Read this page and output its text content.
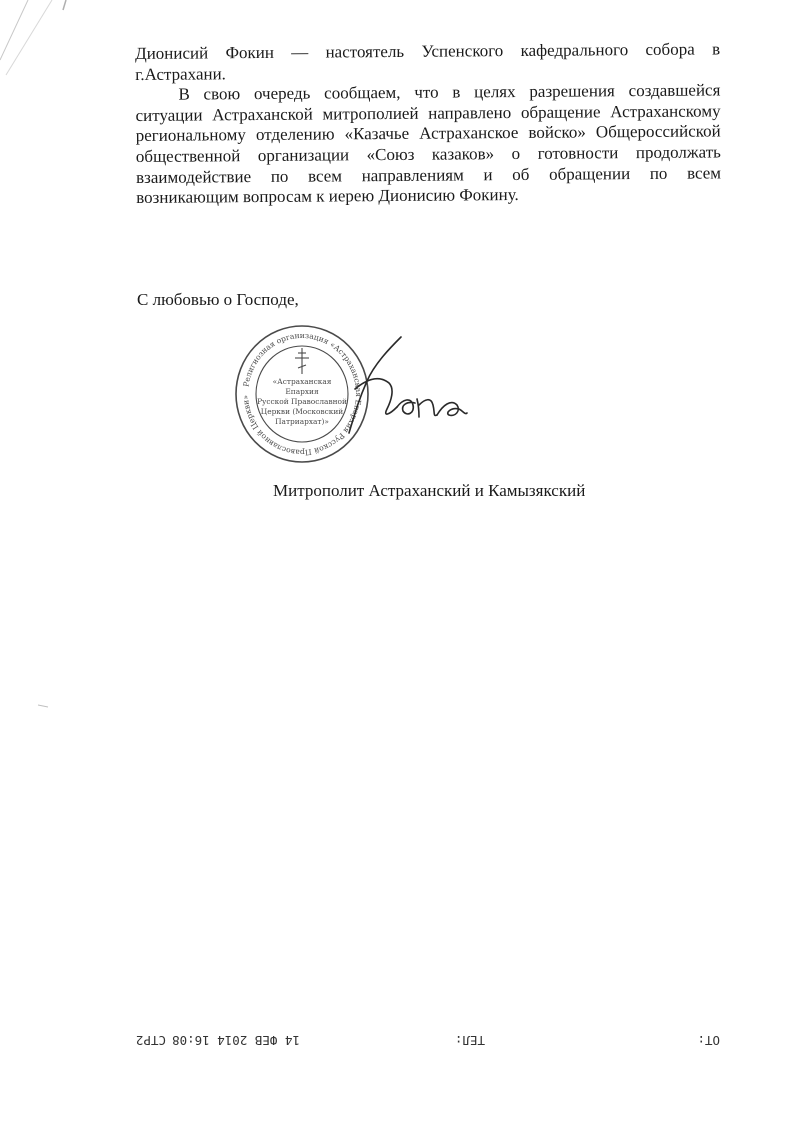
Дионисий Фокин — настоятель Успенского кафедрального собора в
г.Астрахани.

В свою очередь сообщаем, что в целях разрешения создавшейся
ситуации Астраханской митрополией направлено обращение Астраханскому
региональному отделению «Казачье Астраханское войско» Общероссийской
общественной организации «Союз казаков» о готовности продолжать
взаимодействие по всем направлениям и об обращении по всем
возникающим вопросам к иерею Дионисию Фокину.

С любовью о Господе,
Религиозная организация «Астраханская Епархия Русской Православной Церкви»
«Астраханская
Епархия
Русской Православной
Церкви (Московский
Патриархат)»
Митрополит Астраханский и Камызякский
ОТ:
ТЕЛ:
14 ФЕВ 2014 16:08
СТР2
